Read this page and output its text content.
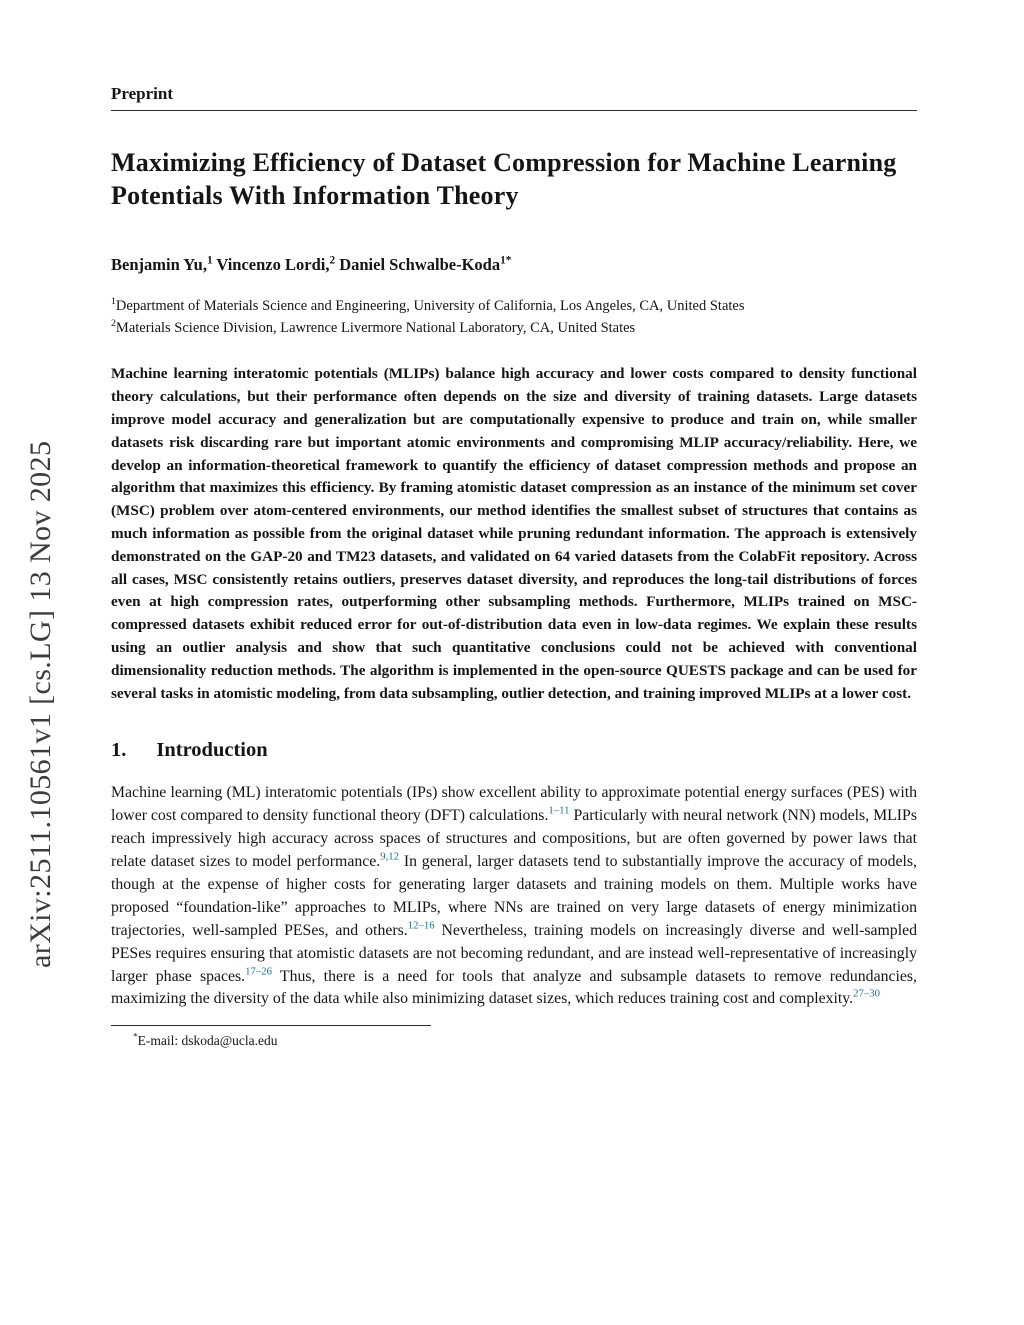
arXiv:2511.10561v1 [cs.LG] 13 Nov 2025
Preprint
Maximizing Efficiency of Dataset Compression for Machine Learning Potentials With Information Theory

Benjamin Yu,$^1$ Vincenzo Lordi,$^2$ Daniel Schwalbe-Koda$^{1*}$

$^1$Department of Materials Science and Engineering, University of California, Los Angeles, CA, United States

$^2$Materials Science Division, Lawrence Livermore National Laboratory, CA, United States

Machine learning interatomic potentials (MLIPs) balance high accuracy and lower costs compared to density functional theory calculations, but their performance often depends on the size and diversity of training datasets. Large datasets improve model accuracy and generalization but are computationally expensive to produce and train on, while smaller datasets risk discarding rare but important atomic environments and compromising MLIP accuracy/reliability. Here, we develop an information-theoretical framework to quantify the efficiency of dataset compression methods and propose an algorithm that maximizes this efficiency. By framing atomistic dataset compression as an instance of the minimum set cover (MSC) problem over atom-centered environments, our method identifies the smallest subset of structures that contains as much information as possible from the original dataset while pruning redundant information. The approach is extensively demonstrated on the GAP-20 and TM23 datasets, and validated on 64 varied datasets from the ColabFit repository. Across all cases, MSC consistently retains outliers, preserves dataset diversity, and reproduces the long-tail distributions of forces even at high compression rates, outperforming other subsampling methods. Furthermore, MLIPs trained on MSC-compressed datasets exhibit reduced error for out-of-distribution data even in low-data regimes. We explain these results using an outlier analysis and show that such quantitative conclusions could not be achieved with conventional dimensionality reduction methods. The algorithm is implemented in the open-source QUESTS package and can be used for several tasks in atomistic modeling, from data subsampling, outlier detection, and training improved MLIPs at a lower cost.

1. Introduction

Machine learning (ML) interatomic potentials (IPs) show excellent ability to approximate potential energy surfaces (PES) with lower cost compared to density functional theory (DFT) calculations.$^{1-11}$ Particularly with neural network (NN) models, MLIPs reach impressively high accuracy across spaces of structures and compositions, but are often governed by power laws that relate dataset sizes to model performance.$^{9,12}$ In general, larger datasets tend to substantially improve the accuracy of models, though at the expense of higher costs for generating larger datasets and training models on them. Multiple works have proposed “foundation-like” approaches to MLIPs, where NNs are trained on very large datasets of energy minimization trajectories, well-sampled PESes, and others.$^{12-16}$ Nevertheless, training models on increasingly diverse and well-sampled PESes requires ensuring that atomistic datasets are not becoming redundant, and are instead well-representative of increasingly larger phase spaces.$^{17-26}$ Thus, there is a need for tools that analyze and subsample datasets to remove redundancies, maximizing the diversity of the data while also minimizing dataset sizes, which reduces training cost and complexity.$^{27-30}$

*E-mail: dskoda@ucla.edu
